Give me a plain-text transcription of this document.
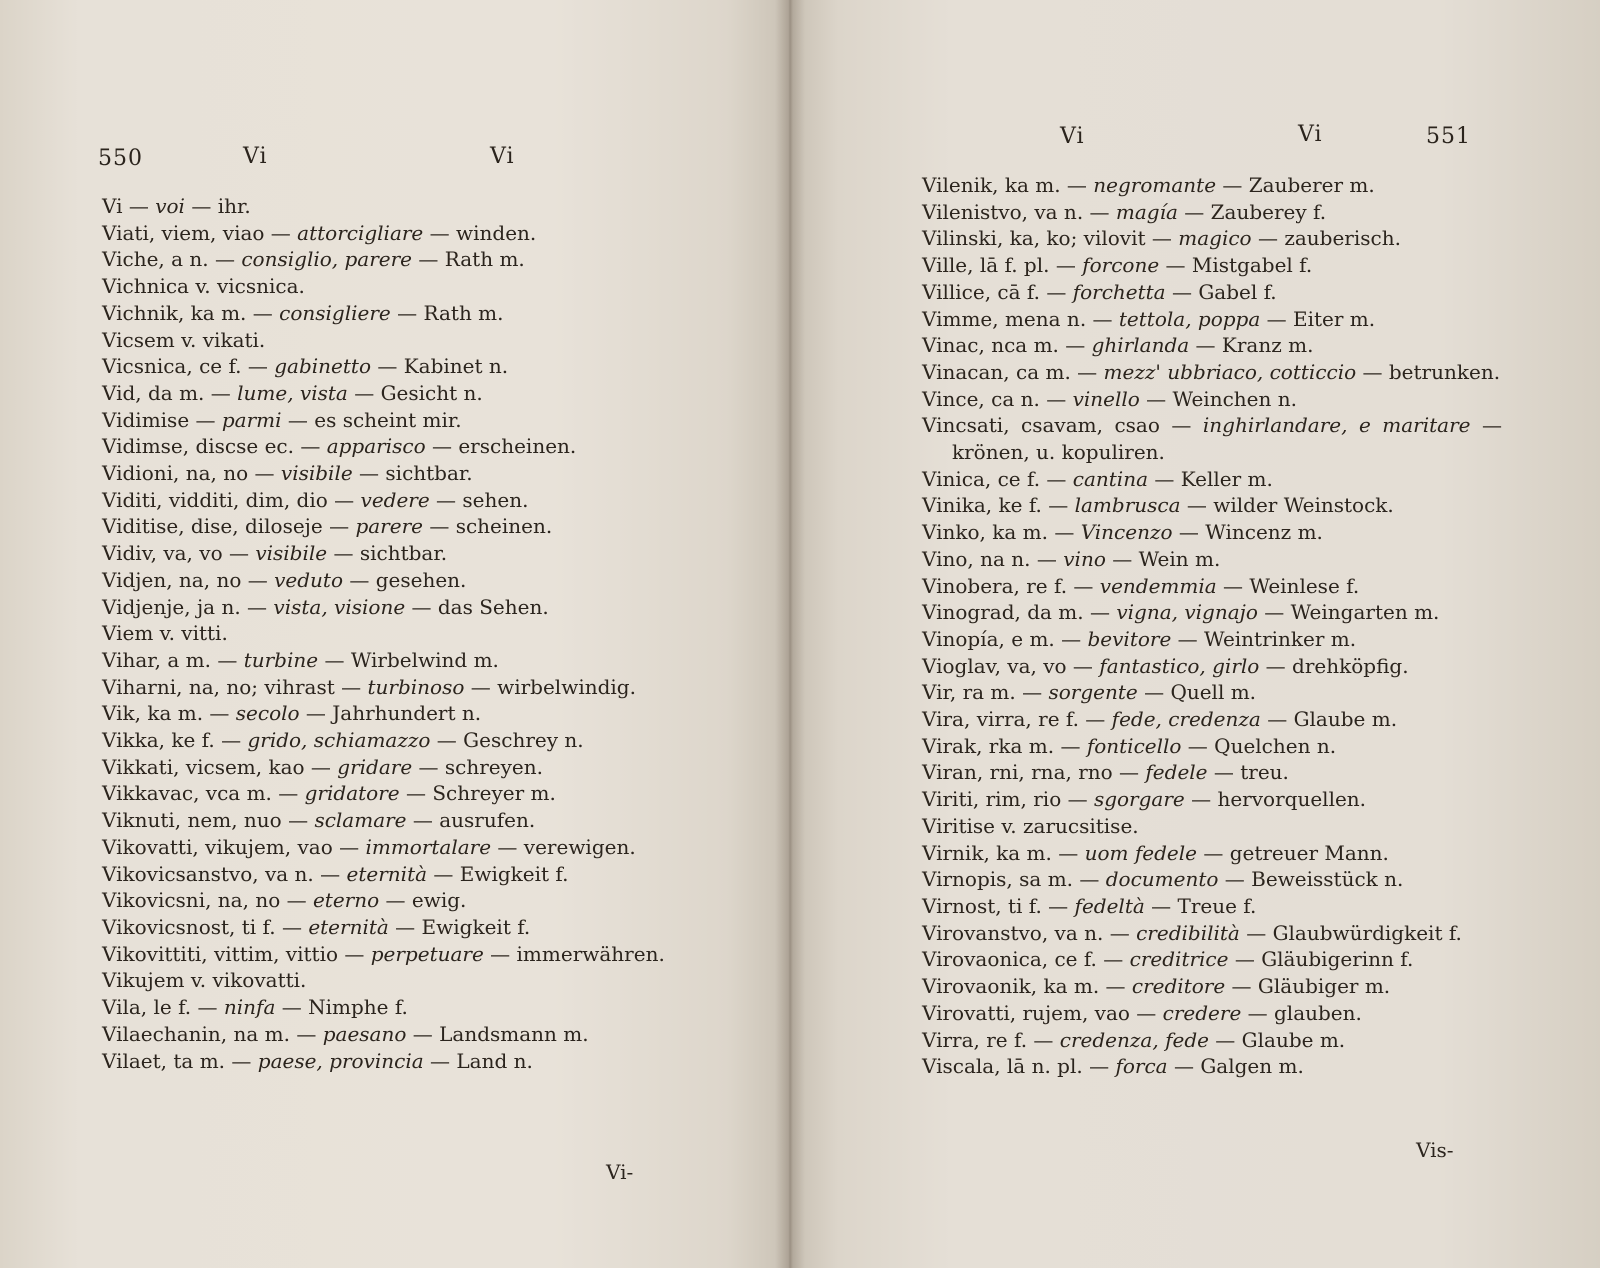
550	Vi	Vi
Vi — voi — ihr.
Viati, viem, viao — attorcigliare — winden.
Viche, a n. — consiglio, parere — Rath m.
Vichnica v. vicsnica.
Vichnik, ka m. — consigliere — Rath m.
Vicsem v. vikati.
Vicsnica, ce f. — gabinetto — Kabinet n.
Vid, da m. — lume, vista — Gesicht n.
Vidimise — parmi — es scheint mir.
Vidimse, discse ec. — apparisco — erscheinen.
Vidioni, na, no — visibile — sichtbar.
Viditi, vidditi, dim, dio — vedere — sehen.
Viditise, dise, diloseje — parere — scheinen.
Vidiv, va, vo — visibile — sichtbar.
Vidjen, na, no — veduto — gesehen.
Vidjenje, ja n. — vista, visione — das Sehen.
Viem v. vitti.
Vihar, a m. — turbine — Wirbelwind m.
Viharni, na, no; vihrast — turbinoso — wirbelwindig.
Vik, ka m. — secolo — Jahrhundert n.
Vikka, ke f. — grido, schiamazzo — Geschrey n.
Vikkati, vicsem, kao — gridare — schreyen.
Vikkavac, vca m. — gridatore — Schreyer m.
Viknuti, nem, nuo — sclamare — ausrufen.
Vikovatti, vikujem, vao — immortalare — verewigen.
Vikovicsanstvo, va n. — eternità — Ewigkeit f.
Vikovicsni, na, no — eterno — ewig.
Vikovicsnost, ti f. — eternità — Ewigkeit f.
Vikovittiti, vittim, vittio — perpetuare — immerwähren.
Vikujem v. vikovatti.
Vila, le f. — ninfa — Nimphe f.
Vilaechanin, na m. — paesano — Landsmann m.
Vilaet, ta m. — paese, provincia — Land n.
Vi-
Vi	Vi	551
Vis-
Vilenik, ka m. — negromante — Zauberer m.
Vilenistvo, va n. — magía — Zauberey f.
Vilinski, ka, ko; vilovit — magico — zauberisch.
Ville, lā f. pl. — forcone — Mistgabel f.
Villice, cā f. — forchetta — Gabel f.
Vimme, mena n. — tettola, poppa — Eiter m.
Vinac, nca m. — ghirlanda — Kranz m.
Vinacan, ca m. — mezz' ubbriaco, cotticcio — betrunken.
Vince, ca n. — vinello — Weinchen n.
Vincsati, csavam, csao — inghirlandare, e maritare — krönen, u. kopuliren.
Vinica, ce f. — cantina — Keller m.
Vinika, ke f. — lambrusca — wilder Weinstock.
Vinko, ka m. — Vincenzo — Wincenz m.
Vino, na n. — vino — Wein m.
Vinobera, re f. — vendemmia — Weinlese f.
Vinograd, da m. — vigna, vignajo — Weingarten m.
Vinopía, e m. — bevitore — Weintrinker m.
Vioglav, va, vo — fantastico, girlo — drehköpfig.
Vir, ra m. — sorgente — Quell m.
Vira, virra, re f. — fede, credenza — Glaube m.
Virak, rka m. — fonticello — Quelchen n.
Viran, rni, rna, rno — fedele — treu.
Viriti, rim, rio — sgorgare — hervorquellen.
Viritise v. zarucsitise.
Virnik, ka m. — uom fedele — getreuer Mann.
Virnopis, sa m. — documento — Beweisstück n.
Virnost, ti f. — fedeltà — Treue f.
Virovanstvo, va n. — credibilità — Glaubwürdigkeit f.
Virovaonica, ce f. — creditrice — Gläubigerinn f.
Virovaonik, ka m. — creditore — Gläubiger m.
Virovatti, rujem, vao — credere — glauben.
Virra, re f. — credenza, fede — Glaube m.
Viscala, lā n. pl. — forca — Galgen m.
